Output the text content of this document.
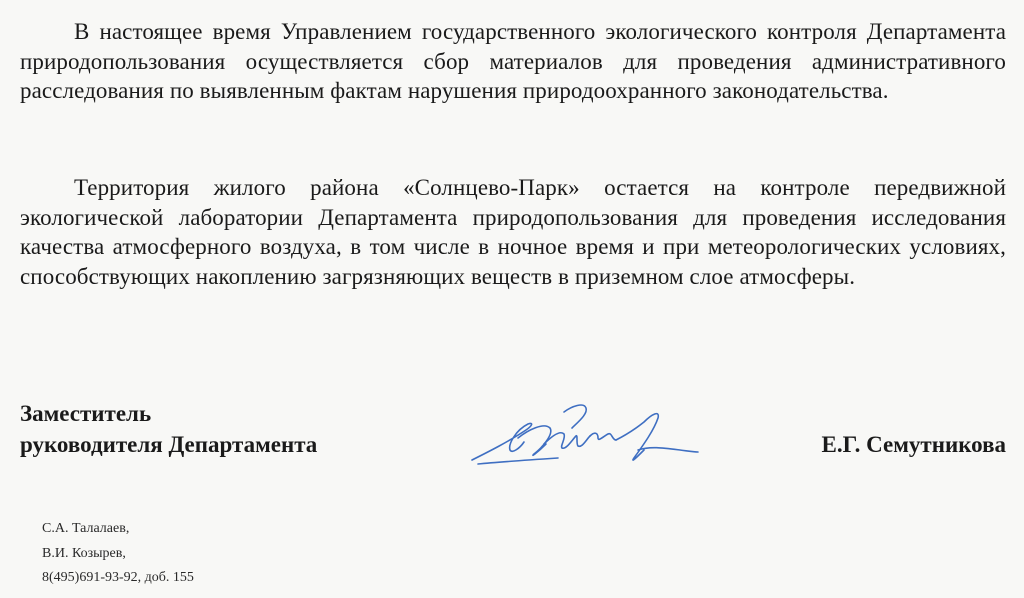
В настоящее время Управлением государственного экологического контроля Департамента природопользования осуществляется сбор материалов для проведения административного расследования по выявленным фактам нарушения природоохранного законодательства.

Территория жилого района «Солнцево-Парк» остается на контроле передвижной экологической лаборатории Департамента природопользования для проведения исследования качества атмосферного воздуха, в том числе в ночное время и при метеорологических условиях, способствующих накоплению загрязняющих веществ в приземном слое атмосферы.

Заместитель
руководителя Департамента	Е.Г. Семутникова
С.А. Талалаев,
В.И. Козырев,
8(495)691-93-92, доб. 155
